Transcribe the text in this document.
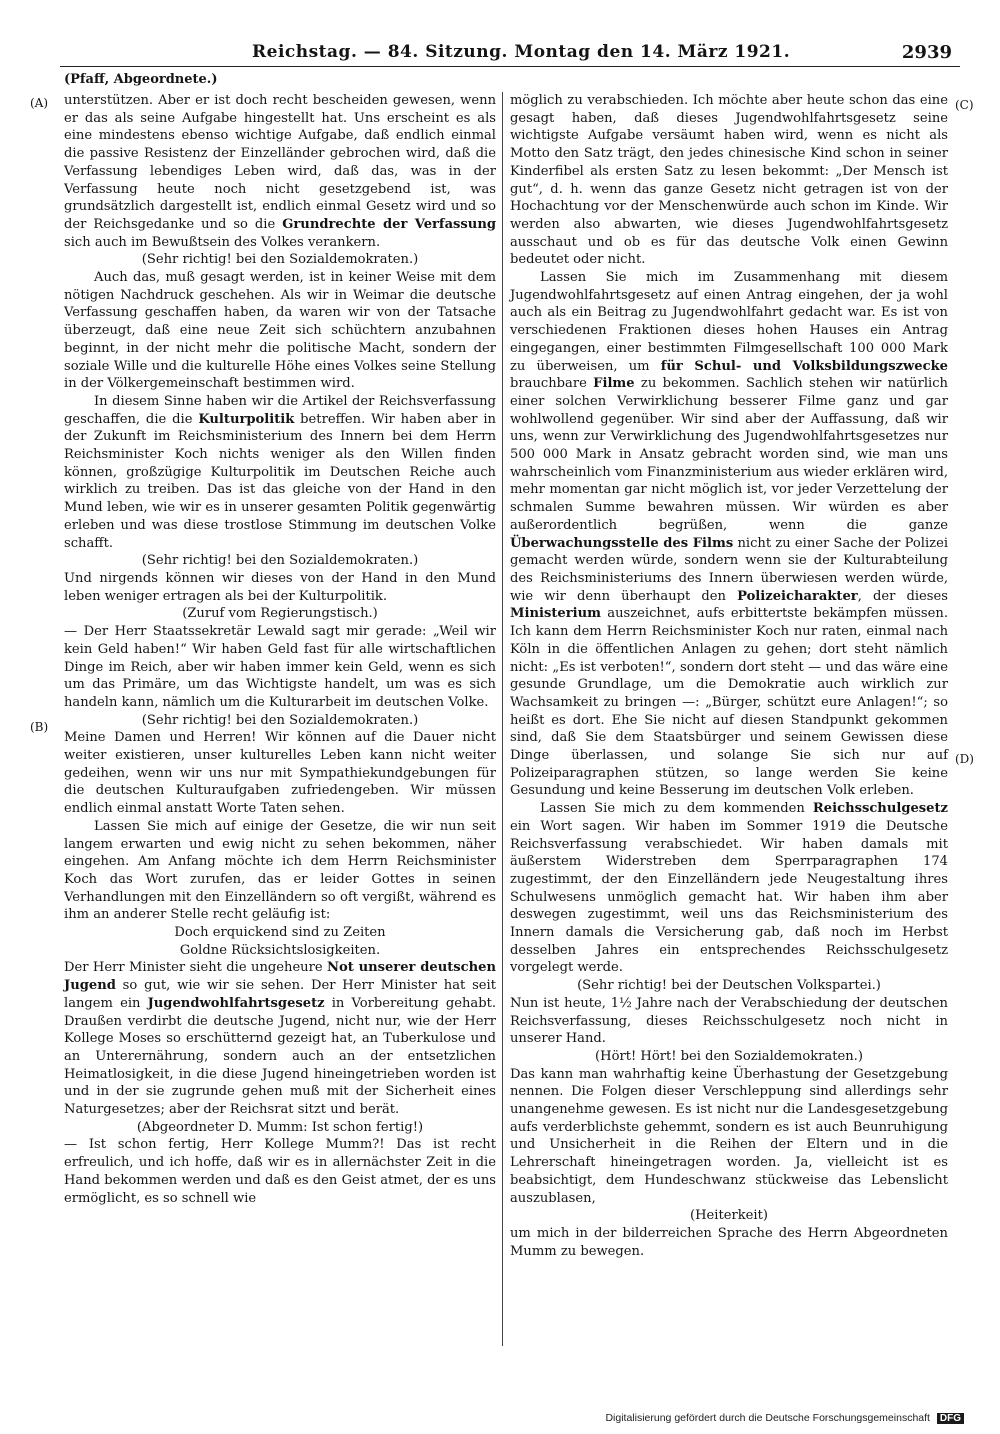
Reichstag. — 84. Sitzung. Montag den 14. März 1921.	2939
(Pfaff, Abgeordnete.)
(A)
(B)
(C)
(D)

unterstützen. Aber er ist doch recht bescheiden gewesen, wenn er das als seine Aufgabe hingestellt hat. Uns erscheint es als eine mindestens ebenso wichtige Aufgabe, daß endlich einmal die passive Resistenz der Einzelländer gebrochen wird, daß die Verfassung lebendiges Leben wird, daß das, was in der Verfassung heute noch nicht gesetzgebend ist, was grundsätzlich dargestellt ist, endlich einmal Gesetz wird und so der Reichsgedanke und so die Grundrechte der Verfassung sich auch im Bewußtsein des Volkes verankern.

(Sehr richtig! bei den Sozialdemokraten.)

Auch das, muß gesagt werden, ist in keiner Weise mit dem nötigen Nachdruck geschehen. Als wir in Weimar die deutsche Verfassung geschaffen haben, da waren wir von der Tatsache überzeugt, daß eine neue Zeit sich schüchtern anzubahnen beginnt, in der nicht mehr die politische Macht, sondern der soziale Wille und die kulturelle Höhe eines Volkes seine Stellung in der Völkergemeinschaft bestimmen wird.

In diesem Sinne haben wir die Artikel der Reichsverfassung geschaffen, die die Kulturpolitik betreffen. Wir haben aber in der Zukunft im Reichsministerium des Innern bei dem Herrn Reichsminister Koch nichts weniger als den Willen finden können, großzügige Kulturpolitik im Deutschen Reiche auch wirklich zu treiben. Das ist das gleiche von der Hand in den Mund leben, wie wir es in unserer gesamten Politik gegenwärtig erleben und was diese trostlose Stimmung im deutschen Volke schafft.

(Sehr richtig! bei den Sozialdemokraten.)

Und nirgends können wir dieses von der Hand in den Mund leben weniger ertragen als bei der Kulturpolitik.

(Zuruf vom Regierungstisch.)

— Der Herr Staatssekretär Lewald sagt mir gerade: „Weil wir kein Geld haben!“ Wir haben Geld fast für alle wirtschaftlichen Dinge im Reich, aber wir haben immer kein Geld, wenn es sich um das Primäre, um das Wichtigste handelt, um was es sich handeln kann, nämlich um die Kulturarbeit im deutschen Volke.

(Sehr richtig! bei den Sozialdemokraten.)

Meine Damen und Herren! Wir können auf die Dauer nicht weiter existieren, unser kulturelles Leben kann nicht weiter gedeihen, wenn wir uns nur mit Sympathiekundgebungen für die deutschen Kulturaufgaben zufriedengeben. Wir müssen endlich einmal anstatt Worte Taten sehen.

Lassen Sie mich auf einige der Gesetze, die wir nun seit langem erwarten und ewig nicht zu sehen bekommen, näher eingehen. Am Anfang möchte ich dem Herrn Reichsminister Koch das Wort zurufen, das er leider Gottes in seinen Verhandlungen mit den Einzelländern so oft vergißt, während es ihm an anderer Stelle recht geläufig ist:

Doch erquickend sind zu Zeiten

Goldne Rücksichtslosigkeiten.

Der Herr Minister sieht die ungeheure Not unserer deutschen Jugend so gut, wie wir sie sehen. Der Herr Minister hat seit langem ein Jugendwohlfahrtsgesetz in Vorbereitung gehabt. Draußen verdirbt die deutsche Jugend, nicht nur, wie der Herr Kollege Moses so erschütternd gezeigt hat, an Tuberkulose und an Unterernährung, sondern auch an der entsetzlichen Heimatlosigkeit, in die diese Jugend hineingetrieben worden ist und in der sie zugrunde gehen muß mit der Sicherheit eines Naturgesetzes; aber der Reichsrat sitzt und berät.

(Abgeordneter D. Mumm: Ist schon fertig!)

— Ist schon fertig, Herr Kollege Mumm?! Das ist recht erfreulich, und ich hoffe, daß wir es in allernächster Zeit in die Hand bekommen werden und daß es den Geist atmet, der es uns ermöglicht, es so schnell wie

möglich zu verabschieden. Ich möchte aber heute schon das eine gesagt haben, daß dieses Jugendwohlfahrtsgesetz seine wichtigste Aufgabe versäumt haben wird, wenn es nicht als Motto den Satz trägt, den jedes chinesische Kind schon in seiner Kinderfibel als ersten Satz zu lesen bekommt: „Der Mensch ist gut“, d. h. wenn das ganze Gesetz nicht getragen ist von der Hochachtung vor der Menschenwürde auch schon im Kinde. Wir werden also abwarten, wie dieses Jugendwohlfahrtsgesetz ausschaut und ob es für das deutsche Volk einen Gewinn bedeutet oder nicht.

Lassen Sie mich im Zusammenhang mit diesem Jugendwohlfahrtsgesetz auf einen Antrag eingehen, der ja wohl auch als ein Beitrag zu Jugendwohlfahrt gedacht war. Es ist von verschiedenen Fraktionen dieses hohen Hauses ein Antrag eingegangen, einer bestimmten Filmgesellschaft 100 000 Mark zu überweisen, um für Schul- und Volksbildungszwecke brauchbare Filme zu bekommen. Sachlich stehen wir natürlich einer solchen Verwirklichung besserer Filme ganz und gar wohlwollend gegenüber. Wir sind aber der Auffassung, daß wir uns, wenn zur Verwirklichung des Jugendwohlfahrtsgesetzes nur 500 000 Mark in Ansatz gebracht worden sind, wie man uns wahrscheinlich vom Finanzministerium aus wieder erklären wird, mehr momentan gar nicht möglich ist, vor jeder Verzettelung der schmalen Summe bewahren müssen. Wir würden es aber außerordentlich begrüßen, wenn die ganze Überwachungsstelle des Films nicht zu einer Sache der Polizei gemacht werden würde, sondern wenn sie der Kulturabteilung des Reichsministeriums des Innern überwiesen werden würde, wie wir denn überhaupt den Polizeicharakter, der dieses Ministerium auszeichnet, aufs erbittertste bekämpfen müssen. Ich kann dem Herrn Reichsminister Koch nur raten, einmal nach Köln in die öffentlichen Anlagen zu gehen; dort steht nämlich nicht: „Es ist verboten!“, sondern dort steht — und das wäre eine gesunde Grundlage, um die Demokratie auch wirklich zur Wachsamkeit zu bringen —: „Bürger, schützt eure Anlagen!“; so heißt es dort. Ehe Sie nicht auf diesen Standpunkt gekommen sind, daß Sie dem Staatsbürger und seinem Gewissen diese Dinge überlassen, und solange Sie sich nur auf Polizeiparagraphen stützen, so lange werden Sie keine Gesundung und keine Besserung im deutschen Volk erleben.

Lassen Sie mich zu dem kommenden Reichsschulgesetz ein Wort sagen. Wir haben im Sommer 1919 die Deutsche Reichsverfassung verabschiedet. Wir haben damals mit äußerstem Widerstreben dem Sperrparagraphen 174 zugestimmt, der den Einzelländern jede Neugestaltung ihres Schulwesens unmöglich gemacht hat. Wir haben ihm aber deswegen zugestimmt, weil uns das Reichsministerium des Innern damals die Versicherung gab, daß noch im Herbst desselben Jahres ein entsprechendes Reichsschulgesetz vorgelegt werde.

(Sehr richtig! bei der Deutschen Volkspartei.)

Nun ist heute, 1½ Jahre nach der Verabschiedung der deutschen Reichsverfassung, dieses Reichsschulgesetz noch nicht in unserer Hand.

(Hört! Hört! bei den Sozialdemokraten.)

Das kann man wahrhaftig keine Überhastung der Gesetzgebung nennen. Die Folgen dieser Verschleppung sind allerdings sehr unangenehme gewesen. Es ist nicht nur die Landesgesetzgebung aufs verderblichste gehemmt, sondern es ist auch Beunruhigung und Unsicherheit in die Reihen der Eltern und in die Lehrerschaft hineingetragen worden. Ja, vielleicht ist es beabsichtigt, dem Hundeschwanz stückweise das Lebenslicht auszublasen,

(Heiterkeit)

um mich in der bilderreichen Sprache des Herrn Abgeordneten Mumm zu bewegen.

Digitalisierung gefördert durch die Deutsche Forschungsgemeinschaft DFG
